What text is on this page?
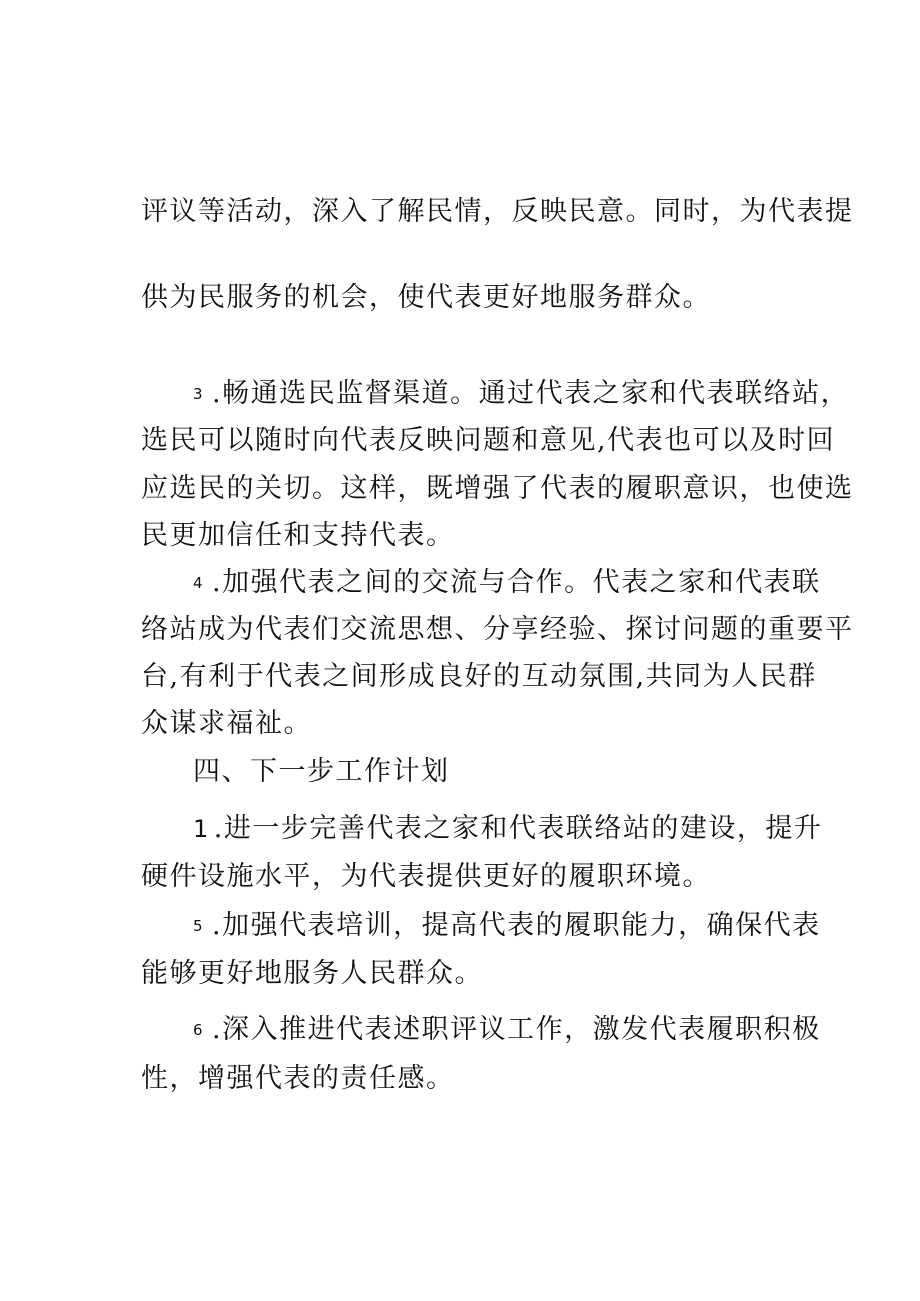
评议等活动，深入了解民情，反映民意。同时，为代表提
供为民服务的机会，使代表更好地服务群众。
3 .畅通选民监督渠道。通过代表之家和代表联络站，
选民可以随时向代表反映问题和意见,代表也可以及时回
应选民的关切。这样，既增强了代表的履职意识，也使选
民更加信任和支持代表。
4 .加强代表之间的交流与合作。代表之家和代表联
络站成为代表们交流思想、分享经验、探讨问题的重要平
台,有利于代表之间形成良好的互动氛围,共同为人民群
众谋求福祉。
四、下一步工作计划
1 .进一步完善代表之家和代表联络站的建设，提升
硬件设施水平，为代表提供更好的履职环境。
5 .加强代表培训，提高代表的履职能力，确保代表
能够更好地服务人民群众。
6 .深入推进代表述职评议工作，激发代表履职积极
性，增强代表的责任感。
